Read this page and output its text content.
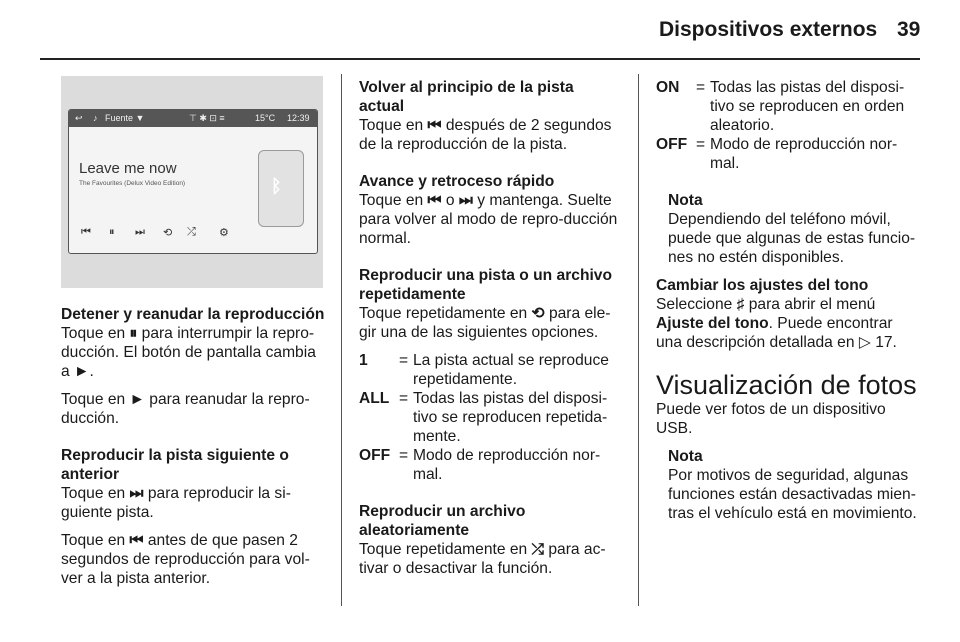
Dispositivos externos 39
↩ ♪ Fuente ▼	⊤ ✱ ⊡ ≡	15°C 12:39
Leave me now
The Favourites (Delux Video Edition)	ᛒ
⏮ ⏸ ⏭ ⟲ ⤮ ⚙
Detener y reanudar la reproducción

Toque en ⏸ para interrumpir la repro-ducción. El botón de pantalla cambia a ►.

Toque en ► para reanudar la repro-ducción.

Reproducir la pista siguiente o anterior

Toque en ⏭ para reproducir la si-guiente pista.

Toque en ⏮ antes de que pasen 2 segundos de reproducción para vol-ver a la pista anterior.

Volver al principio de la pista actual

Toque en ⏮ después de 2 segundos de la reproducción de la pista.

Avance y retroceso rápido

Toque en ⏮ o ⏭ y mantenga. Suelte para volver al modo de repro-ducción normal.

Reproducir una pista o un archivo repetidamente

Toque repetidamente en ⟲ para ele-gir una de las siguientes opciones.

1	= La pista actual se reproduce repetidamente.
ALL = Todas las pistas del disposi-tivo se reproducen repetida-mente.
OFF = Modo de reproducción nor-mal.
Reproducir un archivo aleatoriamente

Toque repetidamente en ⤮ para ac-tivar o desactivar la función.

ON	= Todas las pistas del disposi-tivo se reproducen en orden aleatorio.
OFF = Modo de reproducción nor-mal.
Nota

Dependiendo del teléfono móvil, puede que algunas de estas funcio-nes no estén disponibles.

Cambiar los ajustes del tono

Seleccione ♯ para abrir el menú Ajuste del tono. Puede encontrar una descripción detallada en ▷ 17.

Visualización de fotos

Puede ver fotos de un dispositivo USB.

Nota

Por motivos de seguridad, algunas funciones están desactivadas mien-tras el vehículo está en movimiento.
